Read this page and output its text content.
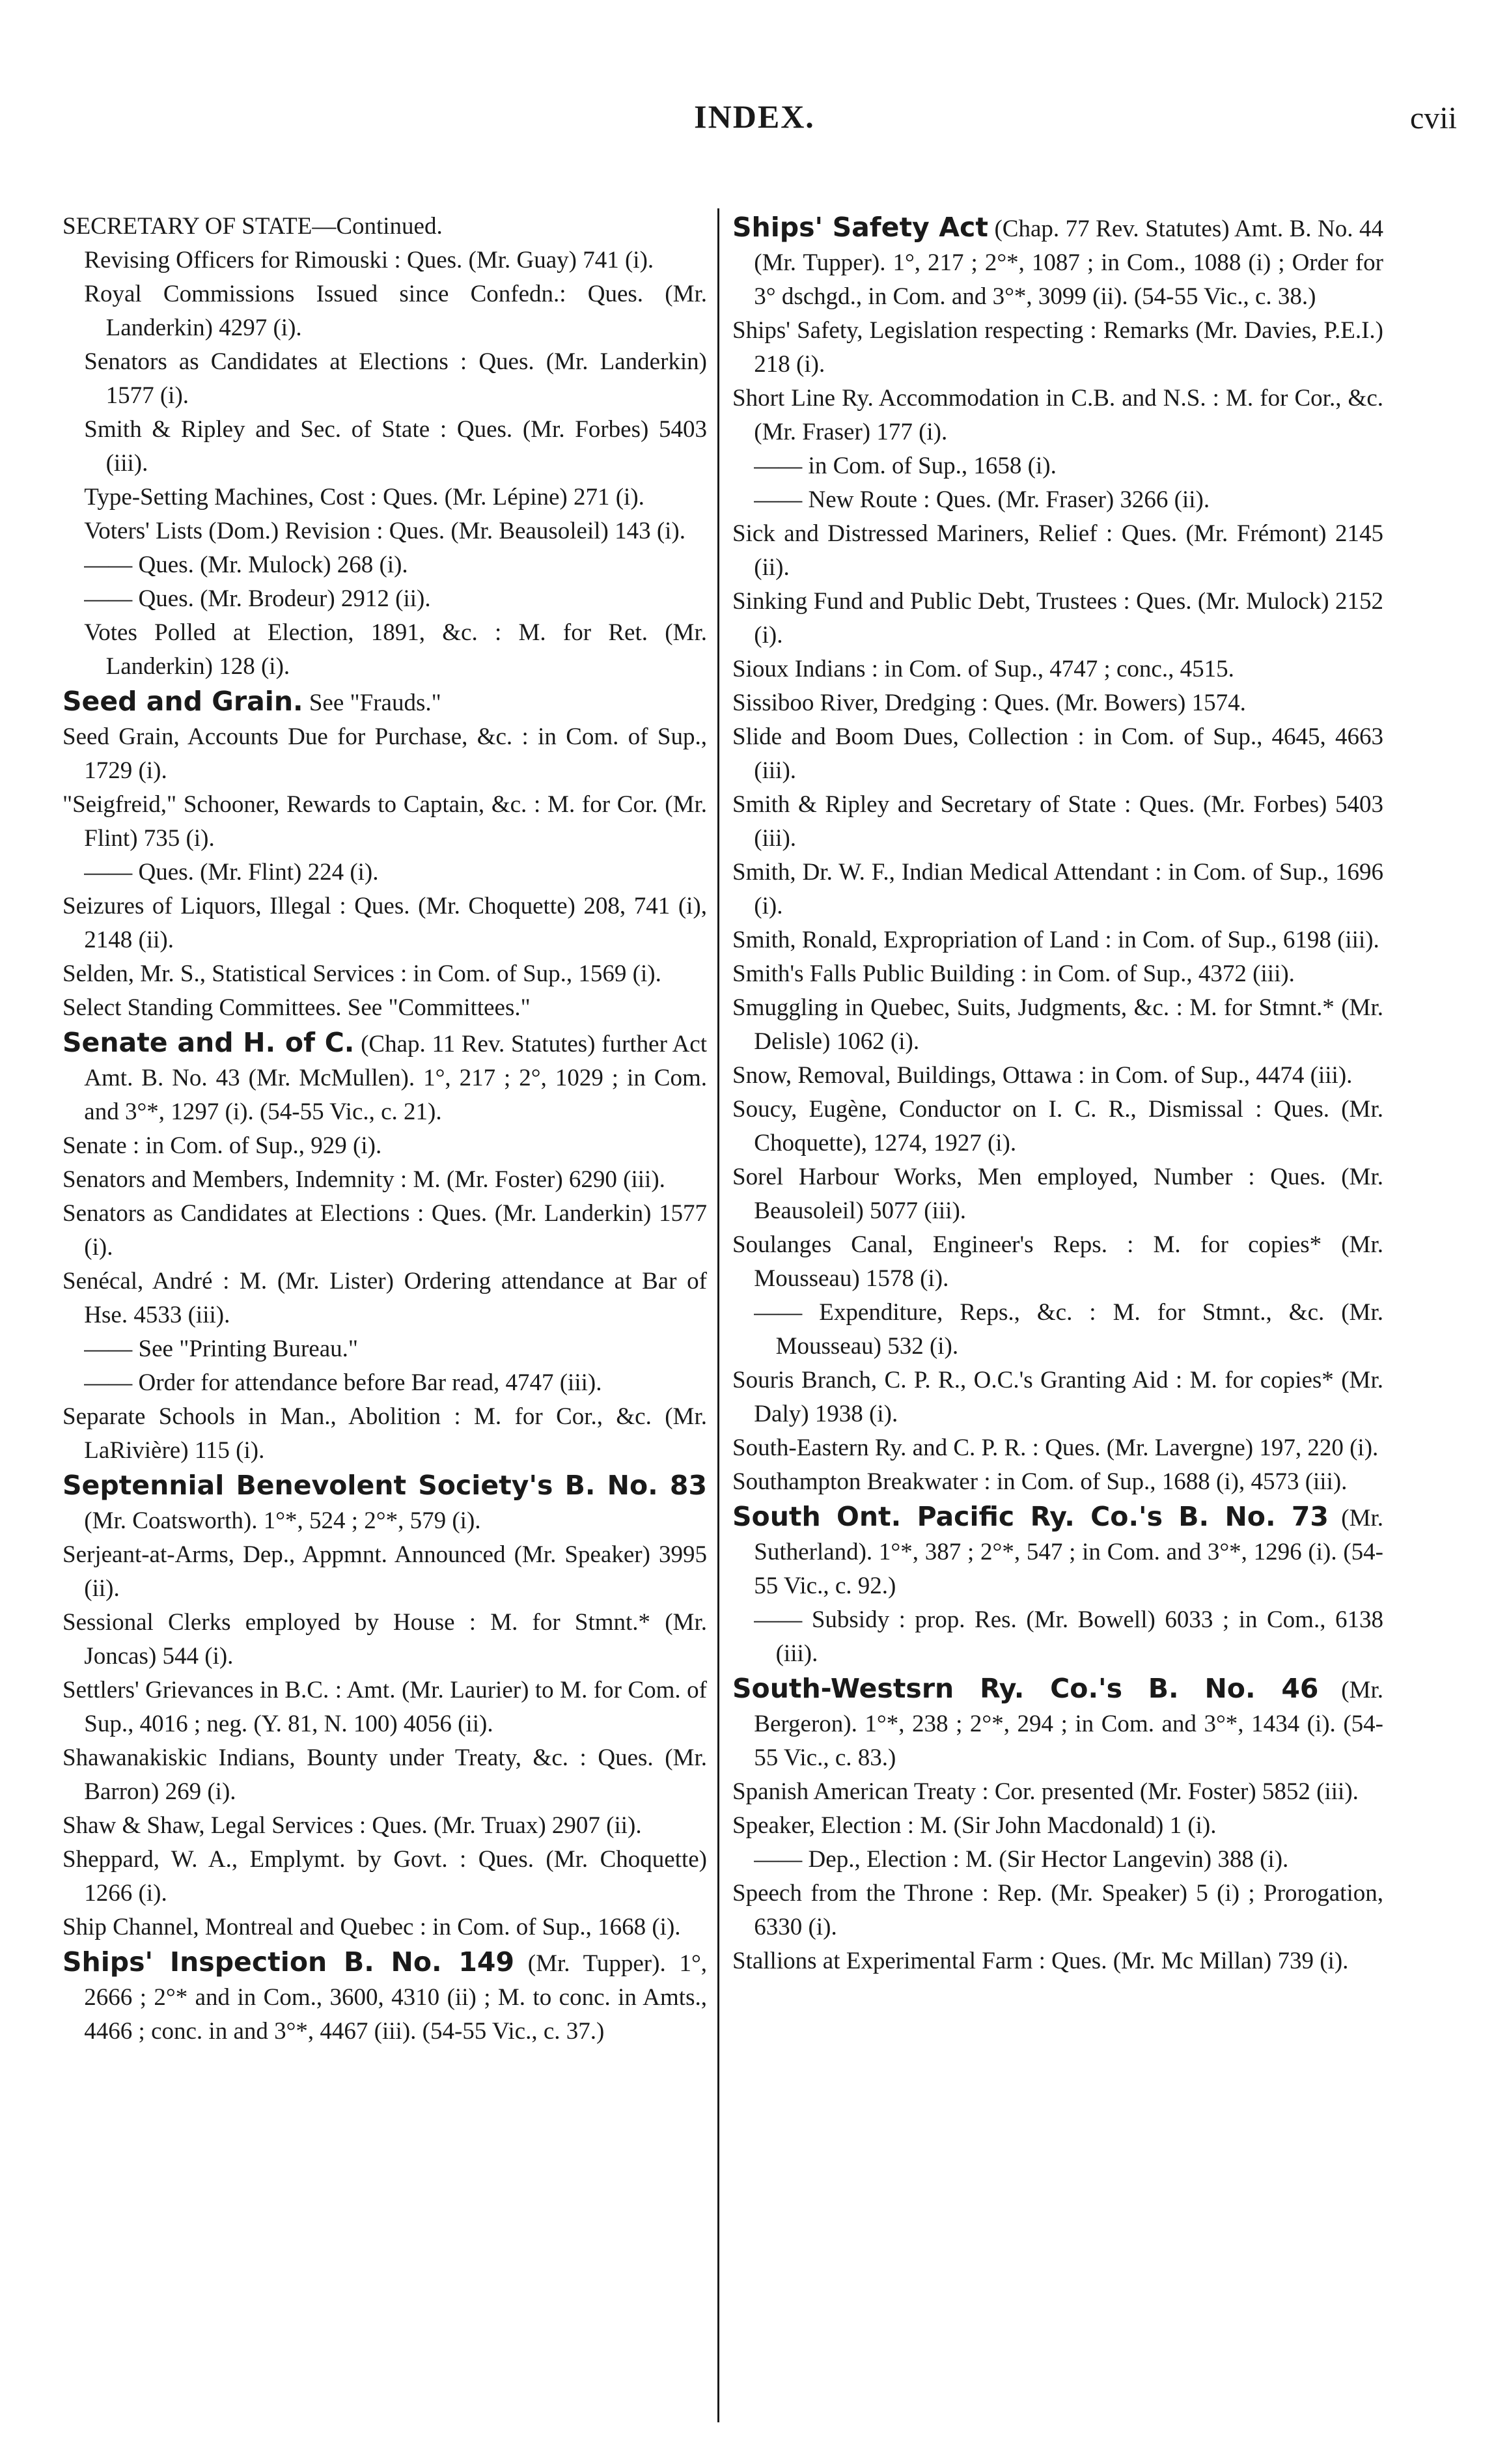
INDEX.	cvii

SECRETARY OF STATE—Continued.

Revising Officers for Rimouski : Ques. (Mr. Guay) 741 (i).

Royal Commissions Issued since Confedn.: Ques. (Mr. Landerkin) 4297 (i).

Senators as Candidates at Elections : Ques. (Mr. Landerkin) 1577 (i).

Smith & Ripley and Sec. of State : Ques. (Mr. Forbes) 5403 (iii).

Type-Setting Machines, Cost : Ques. (Mr. Lépine) 271 (i).

Voters' Lists (Dom.) Revision : Ques. (Mr. Beausoleil) 143 (i).

—— Ques. (Mr. Mulock) 268 (i).

—— Ques. (Mr. Brodeur) 2912 (ii).

Votes Polled at Election, 1891, &c. : M. for Ret. (Mr. Landerkin) 128 (i).

Seed and Grain. See "Frauds."

Seed Grain, Accounts Due for Purchase, &c. : in Com. of Sup., 1729 (i).

"Seigfreid," Schooner, Rewards to Captain, &c. : M. for Cor. (Mr. Flint) 735 (i).

—— Ques. (Mr. Flint) 224 (i).

Seizures of Liquors, Illegal : Ques. (Mr. Choquette) 208, 741 (i), 2148 (ii).

Selden, Mr. S., Statistical Services : in Com. of Sup., 1569 (i).

Select Standing Committees. See "Committees."

Senate and H. of C. (Chap. 11 Rev. Statutes) further Act Amt. B. No. 43 (Mr. McMullen). 1°, 217 ; 2°, 1029 ; in Com. and 3°*, 1297 (i). (54-55 Vic., c. 21).

Senate : in Com. of Sup., 929 (i).

Senators and Members, Indemnity : M. (Mr. Foster) 6290 (iii).

Senators as Candidates at Elections : Ques. (Mr. Landerkin) 1577 (i).

Senécal, André : M. (Mr. Lister) Ordering attendance at Bar of Hse. 4533 (iii).

—— See "Printing Bureau."

—— Order for attendance before Bar read, 4747 (iii).

Separate Schools in Man., Abolition : M. for Cor., &c. (Mr. LaRivière) 115 (i).

Septennial Benevolent Society's B. No. 83 (Mr. Coatsworth). 1°*, 524 ; 2°*, 579 (i).

Serjeant-at-Arms, Dep., Appmnt. Announced (Mr. Speaker) 3995 (ii).

Sessional Clerks employed by House : M. for Stmnt.* (Mr. Joncas) 544 (i).

Settlers' Grievances in B.C. : Amt. (Mr. Laurier) to M. for Com. of Sup., 4016 ; neg. (Y. 81, N. 100) 4056 (ii).

Shawanakiskic Indians, Bounty under Treaty, &c. : Ques. (Mr. Barron) 269 (i).

Shaw & Shaw, Legal Services : Ques. (Mr. Truax) 2907 (ii).

Sheppard, W. A., Emplymt. by Govt. : Ques. (Mr. Choquette) 1266 (i).

Ship Channel, Montreal and Quebec : in Com. of Sup., 1668 (i).

Ships' Inspection B. No. 149 (Mr. Tupper). 1°, 2666 ; 2°* and in Com., 3600, 4310 (ii) ; M. to conc. in Amts., 4466 ; conc. in and 3°*, 4467 (iii). (54-55 Vic., c. 37.)

Ships' Safety Act (Chap. 77 Rev. Statutes) Amt. B. No. 44 (Mr. Tupper). 1°, 217 ; 2°*, 1087 ; in Com., 1088 (i) ; Order for 3° dschgd., in Com. and 3°*, 3099 (ii). (54-55 Vic., c. 38.)

Ships' Safety, Legislation respecting : Remarks (Mr. Davies, P.E.I.) 218 (i).

Short Line Ry. Accommodation in C.B. and N.S. : M. for Cor., &c. (Mr. Fraser) 177 (i).

—— in Com. of Sup., 1658 (i).

—— New Route : Ques. (Mr. Fraser) 3266 (ii).

Sick and Distressed Mariners, Relief : Ques. (Mr. Frémont) 2145 (ii).

Sinking Fund and Public Debt, Trustees : Ques. (Mr. Mulock) 2152 (i).

Sioux Indians : in Com. of Sup., 4747 ; conc., 4515.

Sissiboo River, Dredging : Ques. (Mr. Bowers) 1574.

Slide and Boom Dues, Collection : in Com. of Sup., 4645, 4663 (iii).

Smith & Ripley and Secretary of State : Ques. (Mr. Forbes) 5403 (iii).

Smith, Dr. W. F., Indian Medical Attendant : in Com. of Sup., 1696 (i).

Smith, Ronald, Expropriation of Land : in Com. of Sup., 6198 (iii).

Smith's Falls Public Building : in Com. of Sup., 4372 (iii).

Smuggling in Quebec, Suits, Judgments, &c. : M. for Stmnt.* (Mr. Delisle) 1062 (i).

Snow, Removal, Buildings, Ottawa : in Com. of Sup., 4474 (iii).

Soucy, Eugène, Conductor on I. C. R., Dismissal : Ques. (Mr. Choquette), 1274, 1927 (i).

Sorel Harbour Works, Men employed, Number : Ques. (Mr. Beausoleil) 5077 (iii).

Soulanges Canal, Engineer's Reps. : M. for copies* (Mr. Mousseau) 1578 (i).

—— Expenditure, Reps., &c. : M. for Stmnt., &c. (Mr. Mousseau) 532 (i).

Souris Branch, C. P. R., O.C.'s Granting Aid : M. for copies* (Mr. Daly) 1938 (i).

South-Eastern Ry. and C. P. R. : Ques. (Mr. Lavergne) 197, 220 (i).

Southampton Breakwater : in Com. of Sup., 1688 (i), 4573 (iii).

South Ont. Pacific Ry. Co.'s B. No. 73 (Mr. Sutherland). 1°*, 387 ; 2°*, 547 ; in Com. and 3°*, 1296 (i). (54-55 Vic., c. 92.)

—— Subsidy : prop. Res. (Mr. Bowell) 6033 ; in Com., 6138 (iii).

South-Westsrn Ry. Co.'s B. No. 46 (Mr. Bergeron). 1°*, 238 ; 2°*, 294 ; in Com. and 3°*, 1434 (i). (54-55 Vic., c. 83.)

Spanish American Treaty : Cor. presented (Mr. Foster) 5852 (iii).

Speaker, Election : M. (Sir John Macdonald) 1 (i).

—— Dep., Election : M. (Sir Hector Langevin) 388 (i).

Speech from the Throne : Rep. (Mr. Speaker) 5 (i) ; Prorogation, 6330 (i).

Stallions at Experimental Farm : Ques. (Mr. Mc Millan) 739 (i).
